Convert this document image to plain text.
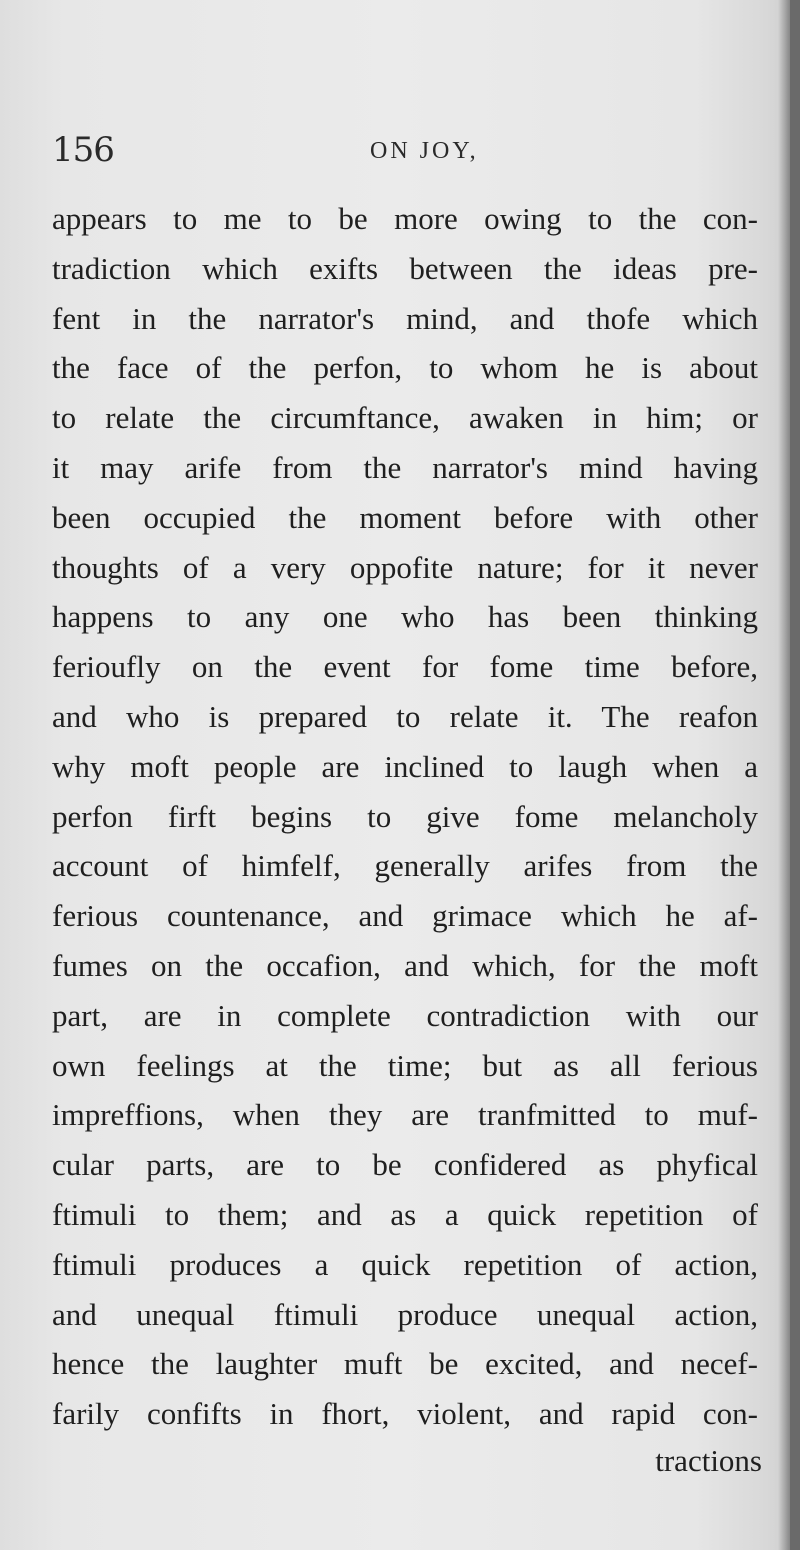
156	ON JOY,
appears to me to be more owing to the con-
tradiction which exifts between the ideas pre-
fent in the narrator's mind, and thofe which
the face of the perfon, to whom he is about
to relate the circumftance, awaken in him; or
it may arife from the narrator's mind having
been occupied the moment before with other
thoughts of a very oppofite nature; for it never
happens to any one who has been thinking
ferioufly on the event for fome time before,
and who is prepared to relate it. The reafon
why moft people are inclined to laugh when a
perfon firft begins to give fome melancholy
account of himfelf, generally arifes from the
ferious countenance, and grimace which he af-
fumes on the occafion, and which, for the moft
part, are in complete contradiction with our
own feelings at the time; but as all ferious
impreffions, when they are tranfmitted to muf-
cular parts, are to be confidered as phyfical
ftimuli to them; and as a quick repetition of
ftimuli produces a quick repetition of action,
and unequal ftimuli produce unequal action,
hence the laughter muft be excited, and necef-
farily confifts in fhort, violent, and rapid con-
tractions
